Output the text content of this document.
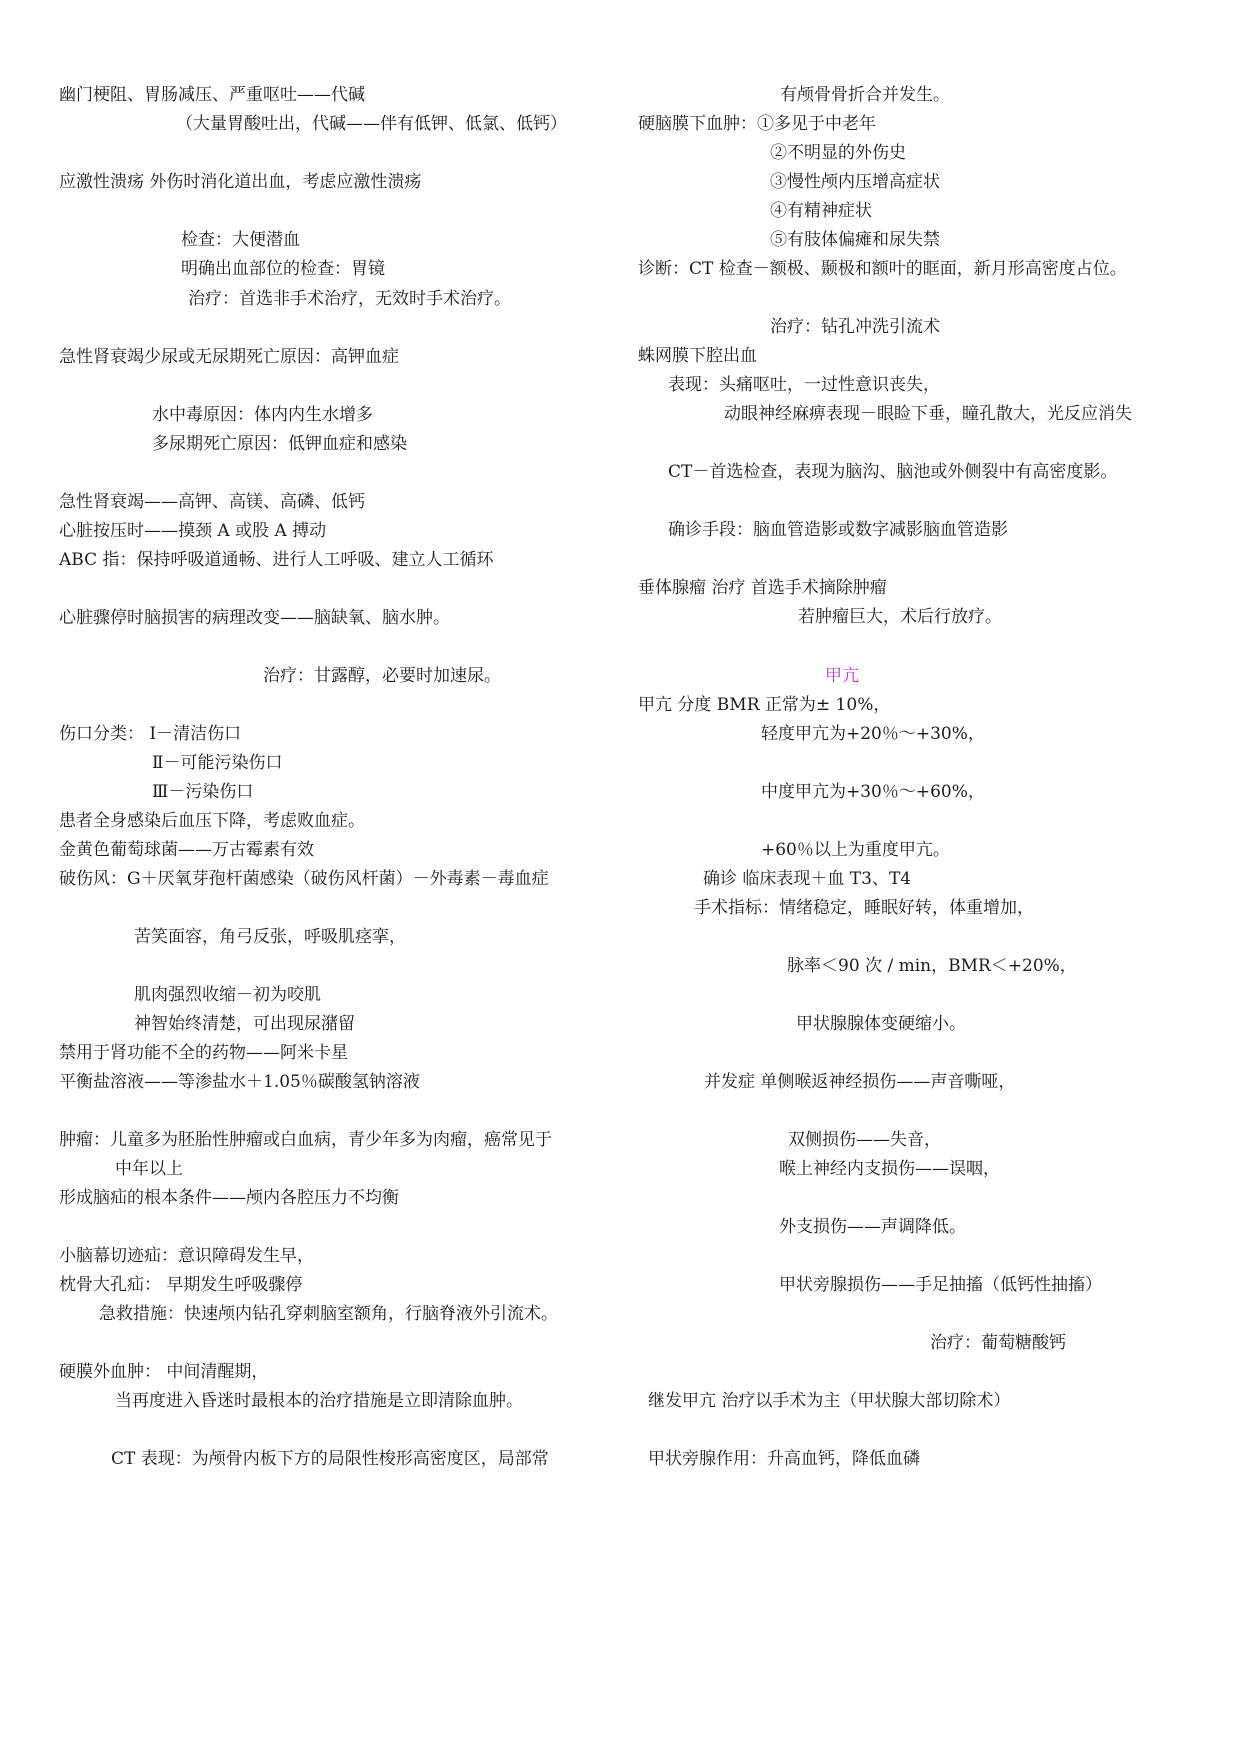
幽门梗阻、胃肠减压、严重呕吐——代碱
（大量胃酸吐出，代碱——伴有低钾、低氯、低钙）
应激性溃疡 外伤时消化道出血，考虑应激性溃疡
检查：大便潜血
明确出血部位的检查：胃镜
治疗：首选非手术治疗，无效时手术治疗。
急性肾衰竭少尿或无尿期死亡原因：高钾血症
水中毒原因：体内内生水增多
多尿期死亡原因：低钾血症和感染
急性肾衰竭——高钾、高镁、高磷、低钙
心脏按压时——摸颈 A 或股 A 搏动
ABC 指：保持呼吸道通畅、进行人工呼吸、建立人工循环
心脏骤停时脑损害的病理改变——脑缺氧、脑水肿。
治疗：甘露醇，必要时加速尿。
伤口分类： Ⅰ－清洁伤口
Ⅱ－可能污染伤口
Ⅲ－污染伤口
患者全身感染后血压下降，考虑败血症。
金黄色葡萄球菌——万古霉素有效
破伤风：G＋厌氧芽孢杆菌感染（破伤风杆菌）－外毒素－毒血症
苦笑面容，角弓反张，呼吸肌痉挛，
肌肉强烈收缩－初为咬肌
神智始终清楚，可出现尿潴留
禁用于肾功能不全的药物——阿米卡星
平衡盐溶液——等渗盐水＋1.05％碳酸氢钠溶液
肿瘤：儿童多为胚胎性肿瘤或白血病，青少年多为肉瘤，癌常见于
中年以上
形成脑疝的根本条件——颅内各腔压力不均衡
小脑幕切迹疝：意识障碍发生早，
枕骨大孔疝： 早期发生呼吸骤停
急救措施：快速颅内钻孔穿刺脑室额角，行脑脊液外引流术。
硬膜外血肿： 中间清醒期，
当再度进入昏迷时最根本的治疗措施是立即清除血肿。
CT 表现：为颅骨内板下方的局限性梭形高密度区，局部常
有颅骨骨折合并发生。
硬脑膜下血肿：①多见于中老年
②不明显的外伤史
③慢性颅内压增高症状
④有精神症状
⑤有肢体偏瘫和尿失禁
诊断：CT 检查－额极、颞极和额叶的眶面，新月形高密度占位。
治疗：钻孔冲洗引流术
蛛网膜下腔出血
表现：头痛呕吐，一过性意识丧失，
动眼神经麻痹表现－眼睑下垂，瞳孔散大，光反应消失
CT－首选检查，表现为脑沟、脑池或外侧裂中有高密度影。
确诊手段：脑血管造影或数字减影脑血管造影
垂体腺瘤 治疗 首选手术摘除肿瘤
若肿瘤巨大，术后行放疗。
甲亢
甲亢 分度 BMR 正常为± 10%，
轻度甲亢为+20％～+30%，
中度甲亢为+30％～+60%，
+60％以上为重度甲亢。
确诊 临床表现＋血 T3、T4
手术指标：情绪稳定，睡眠好转，体重增加，
脉率＜90 次 / min，BMR＜+20%，
甲状腺腺体变硬缩小。
并发症 单侧喉返神经损伤——声音嘶哑，
双侧损伤——失音，
喉上神经内支损伤——误咽，
外支损伤——声调降低。
甲状旁腺损伤——手足抽搐（低钙性抽搐）
治疗：葡萄糖酸钙
继发甲亢 治疗以手术为主（甲状腺大部切除术）
甲状旁腺作用：升高血钙，降低血磷
